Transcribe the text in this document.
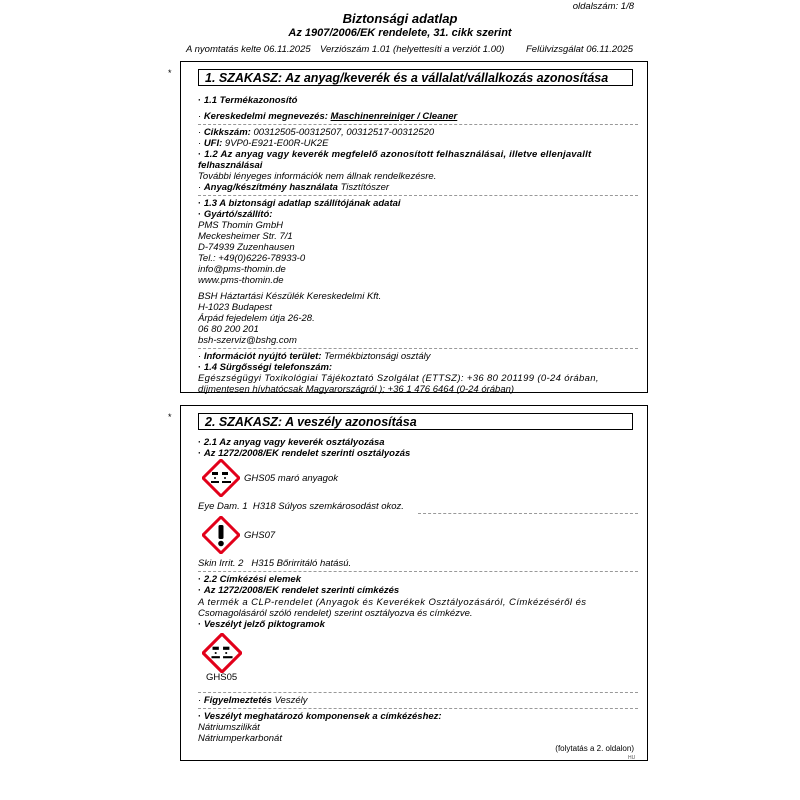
oldalszám: 1/8
Biztonsági adatlap
Az 1907/2006/EK rendelete, 31. cikk szerint
A nyomtatás kelte 06.11.2025 Verziószám 1.01 (helyettesíti a verziót 1.00) Felülvizsgálat 06.11.2025
*	1. SZAKASZ: Az anyag/keverék és a vállalat/vállalkozás azonosítása
· 1.1 Termékazonosító
· Kereskedelmi megnevezés: Maschinenreiniger / Cleaner
· Cikkszám: 00312505-00312507, 00312517-00312520
· UFI: 9VP0-E921-E00R-UK2E
· 1.2 Az anyag vagy keverék megfelelő azonosított felhasználásai, illetve ellenjavallt
felhasználásai
További lényeges információk nem állnak rendelkezésre.
· Anyag/készítmény használata Tisztítószer
· 1.3 A biztonsági adatlap szállítójának adatai
· Gyártó/szállító:
PMS Thomin GmbH
Meckesheimer Str. 7/1
D-74939 Zuzenhausen
Tel.: +49(0)6226-78933-0
info@pms-thomin.de
www.pms-thomin.de
BSH Háztartási Készülék Kereskedelmi Kft.
H-1023 Budapest
Árpád fejedelem útja 26-28.
06 80 200 201
bsh-szerviz@bshg.com
· Információt nyújtó terület: Termékbiztonsági osztály
· 1.4 Sürgősségi telefonszám:
Egészségügyi Toxikológiai Tájékoztató Szolgálat (ETTSZ): +36 80 201199 (0-24 órában,
díjmentesen hívhatócsak Magyarországról ); +36 1 476 6464 (0-24 órában)
*	2. SZAKASZ: A veszély azonosítása
· 2.1 Az anyag vagy keverék osztályozása
· Az 1272/2008/EK rendelet szerinti osztályozás
GHS05 maró anyagok
Eye Dam. 1 H318 Súlyos szemkárosodást okoz.
GHS07
Skin Irrit. 2 H315 Bőrirritáló hatású.
· 2.2 Címkézési elemek
· Az 1272/2008/EK rendelet szerinti címkézés
A termék a CLP-rendelet (Anyagok és Keverékek Osztályozásáról, Címkézéséről és
Csomagolásáról szóló rendelet) szerint osztályozva és címkézve.
· Veszélyt jelző piktogramok
GHS05
· Figyelmeztetés Veszély
· Veszélyt meghatározó komponensek a címkézéshez:
Nátriumszilikát
Nátriumperkarbonát
(folytatás a 2. oldalon)
HU
